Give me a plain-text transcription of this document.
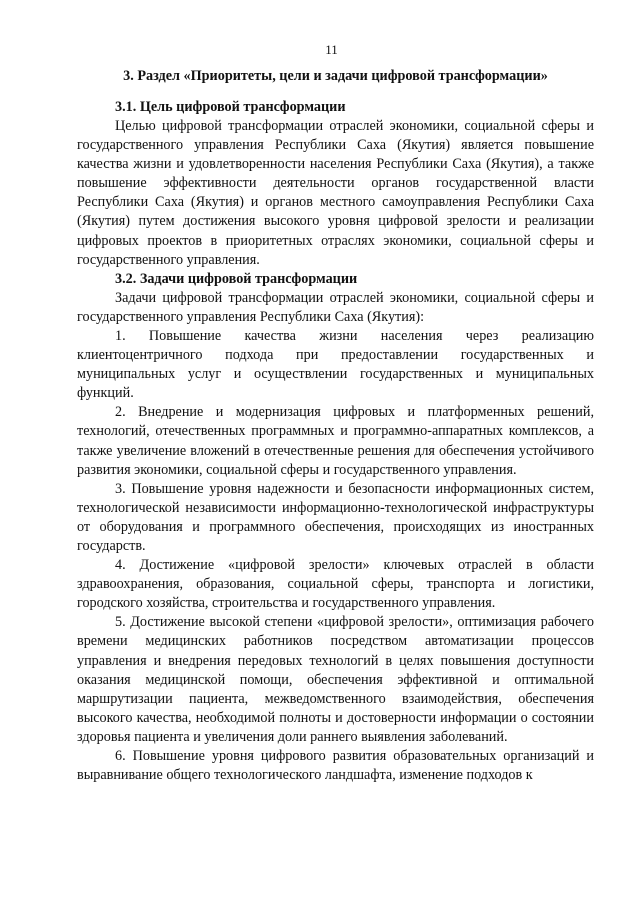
11
3. Раздел «Приоритеты, цели и задачи цифровой трансформации»
3.1. Цель цифровой трансформации

Целью цифровой трансформации отраслей экономики, социальной сферы и государственного управления Республики Саха (Якутия) является повышение качества жизни и удовлетворенности населения Республики Саха (Якутия), а также повышение эффективности деятельности органов государственной власти Республики Саха (Якутия) и органов местного самоуправления Республики Саха (Якутия) путем достижения высокого уровня цифровой зрелости и реализации цифровых проектов в приоритетных отраслях экономики, социальной сферы и государственного управления.

3.2. Задачи цифровой трансформации

Задачи цифровой трансформации отраслей экономики, социальной сферы и государственного управления Республики Саха (Якутия):

1. Повышение качества жизни населения через реализацию клиентоцентричного подхода при предоставлении государственных и муниципальных услуг и осуществлении государственных и муниципальных функций.

2. Внедрение и модернизация цифровых и платформенных решений, технологий, отечественных программных и программно-аппаратных комплексов, а также увеличение вложений в отечественные решения для обеспечения устойчивого развития экономики, социальной сферы и государственного управления.

3. Повышение уровня надежности и безопасности информационных систем, технологической независимости информационно-технологической инфраструктуры от оборудования и программного обеспечения, происходящих из иностранных государств.

4. Достижение «цифровой зрелости» ключевых отраслей в области здравоохранения, образования, социальной сферы, транспорта и логистики, городского хозяйства, строительства и государственного управления.

5. Достижение высокой степени «цифровой зрелости», оптимизация рабочего времени медицинских работников посредством автоматизации процессов управления и внедрения передовых технологий в целях повышения доступности оказания медицинской помощи, обеспечения эффективной и оптимальной маршрутизации пациента, межведомственного взаимодействия, обеспечения высокого качества, необходимой полноты и достоверности информации о состоянии здоровья пациента и увеличения доли раннего выявления заболеваний.

6. Повышение уровня цифрового развития образовательных организаций и выравнивание общего технологического ландшафта, изменение подходов к
